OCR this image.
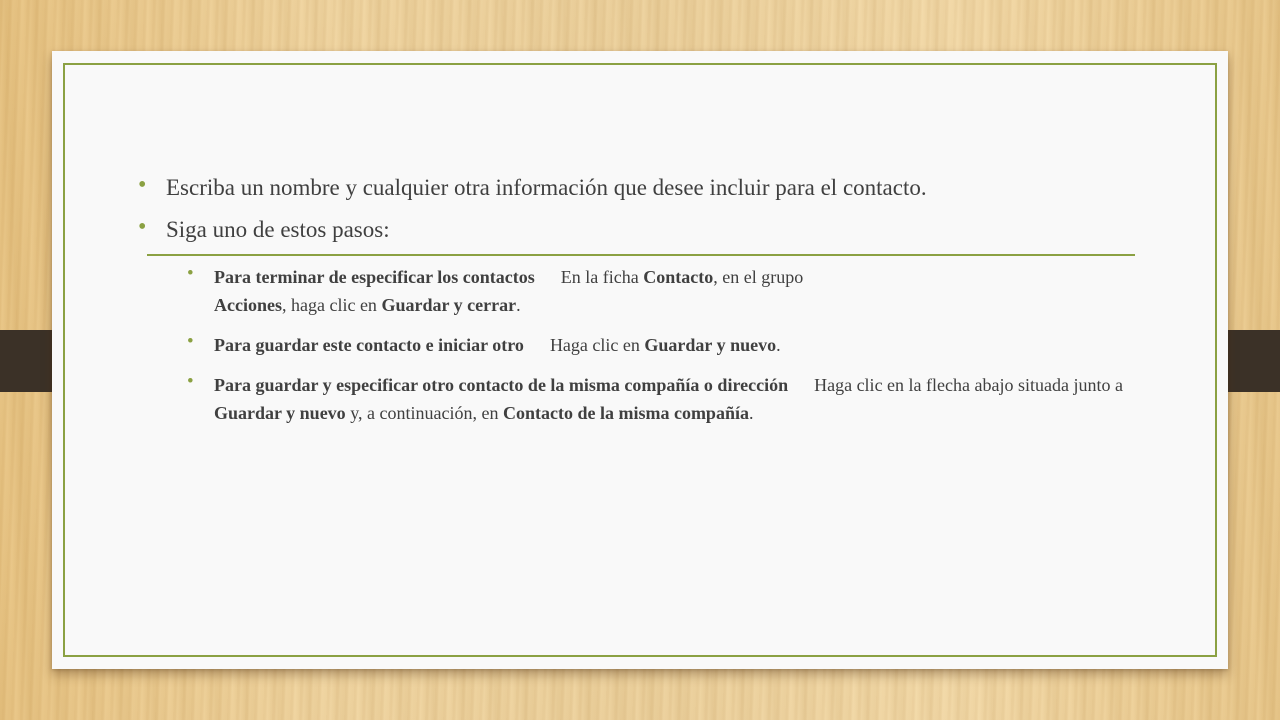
• Escriba un nombre y cualquier otra información que desee incluir para el contacto.
• Siga uno de estos pasos:
• Para terminar de especificar los contactos En la ficha Contacto, en el grupo
Acciones, haga clic en Guardar y cerrar.
• Para guardar este contacto e iniciar otro Haga clic en Guardar y nuevo.
• Para guardar y especificar otro contacto de la misma compañía o dirección Haga clic en la flecha abajo situada junto a Guardar y nuevo y, a continuación, en Contacto de la misma compañía.
